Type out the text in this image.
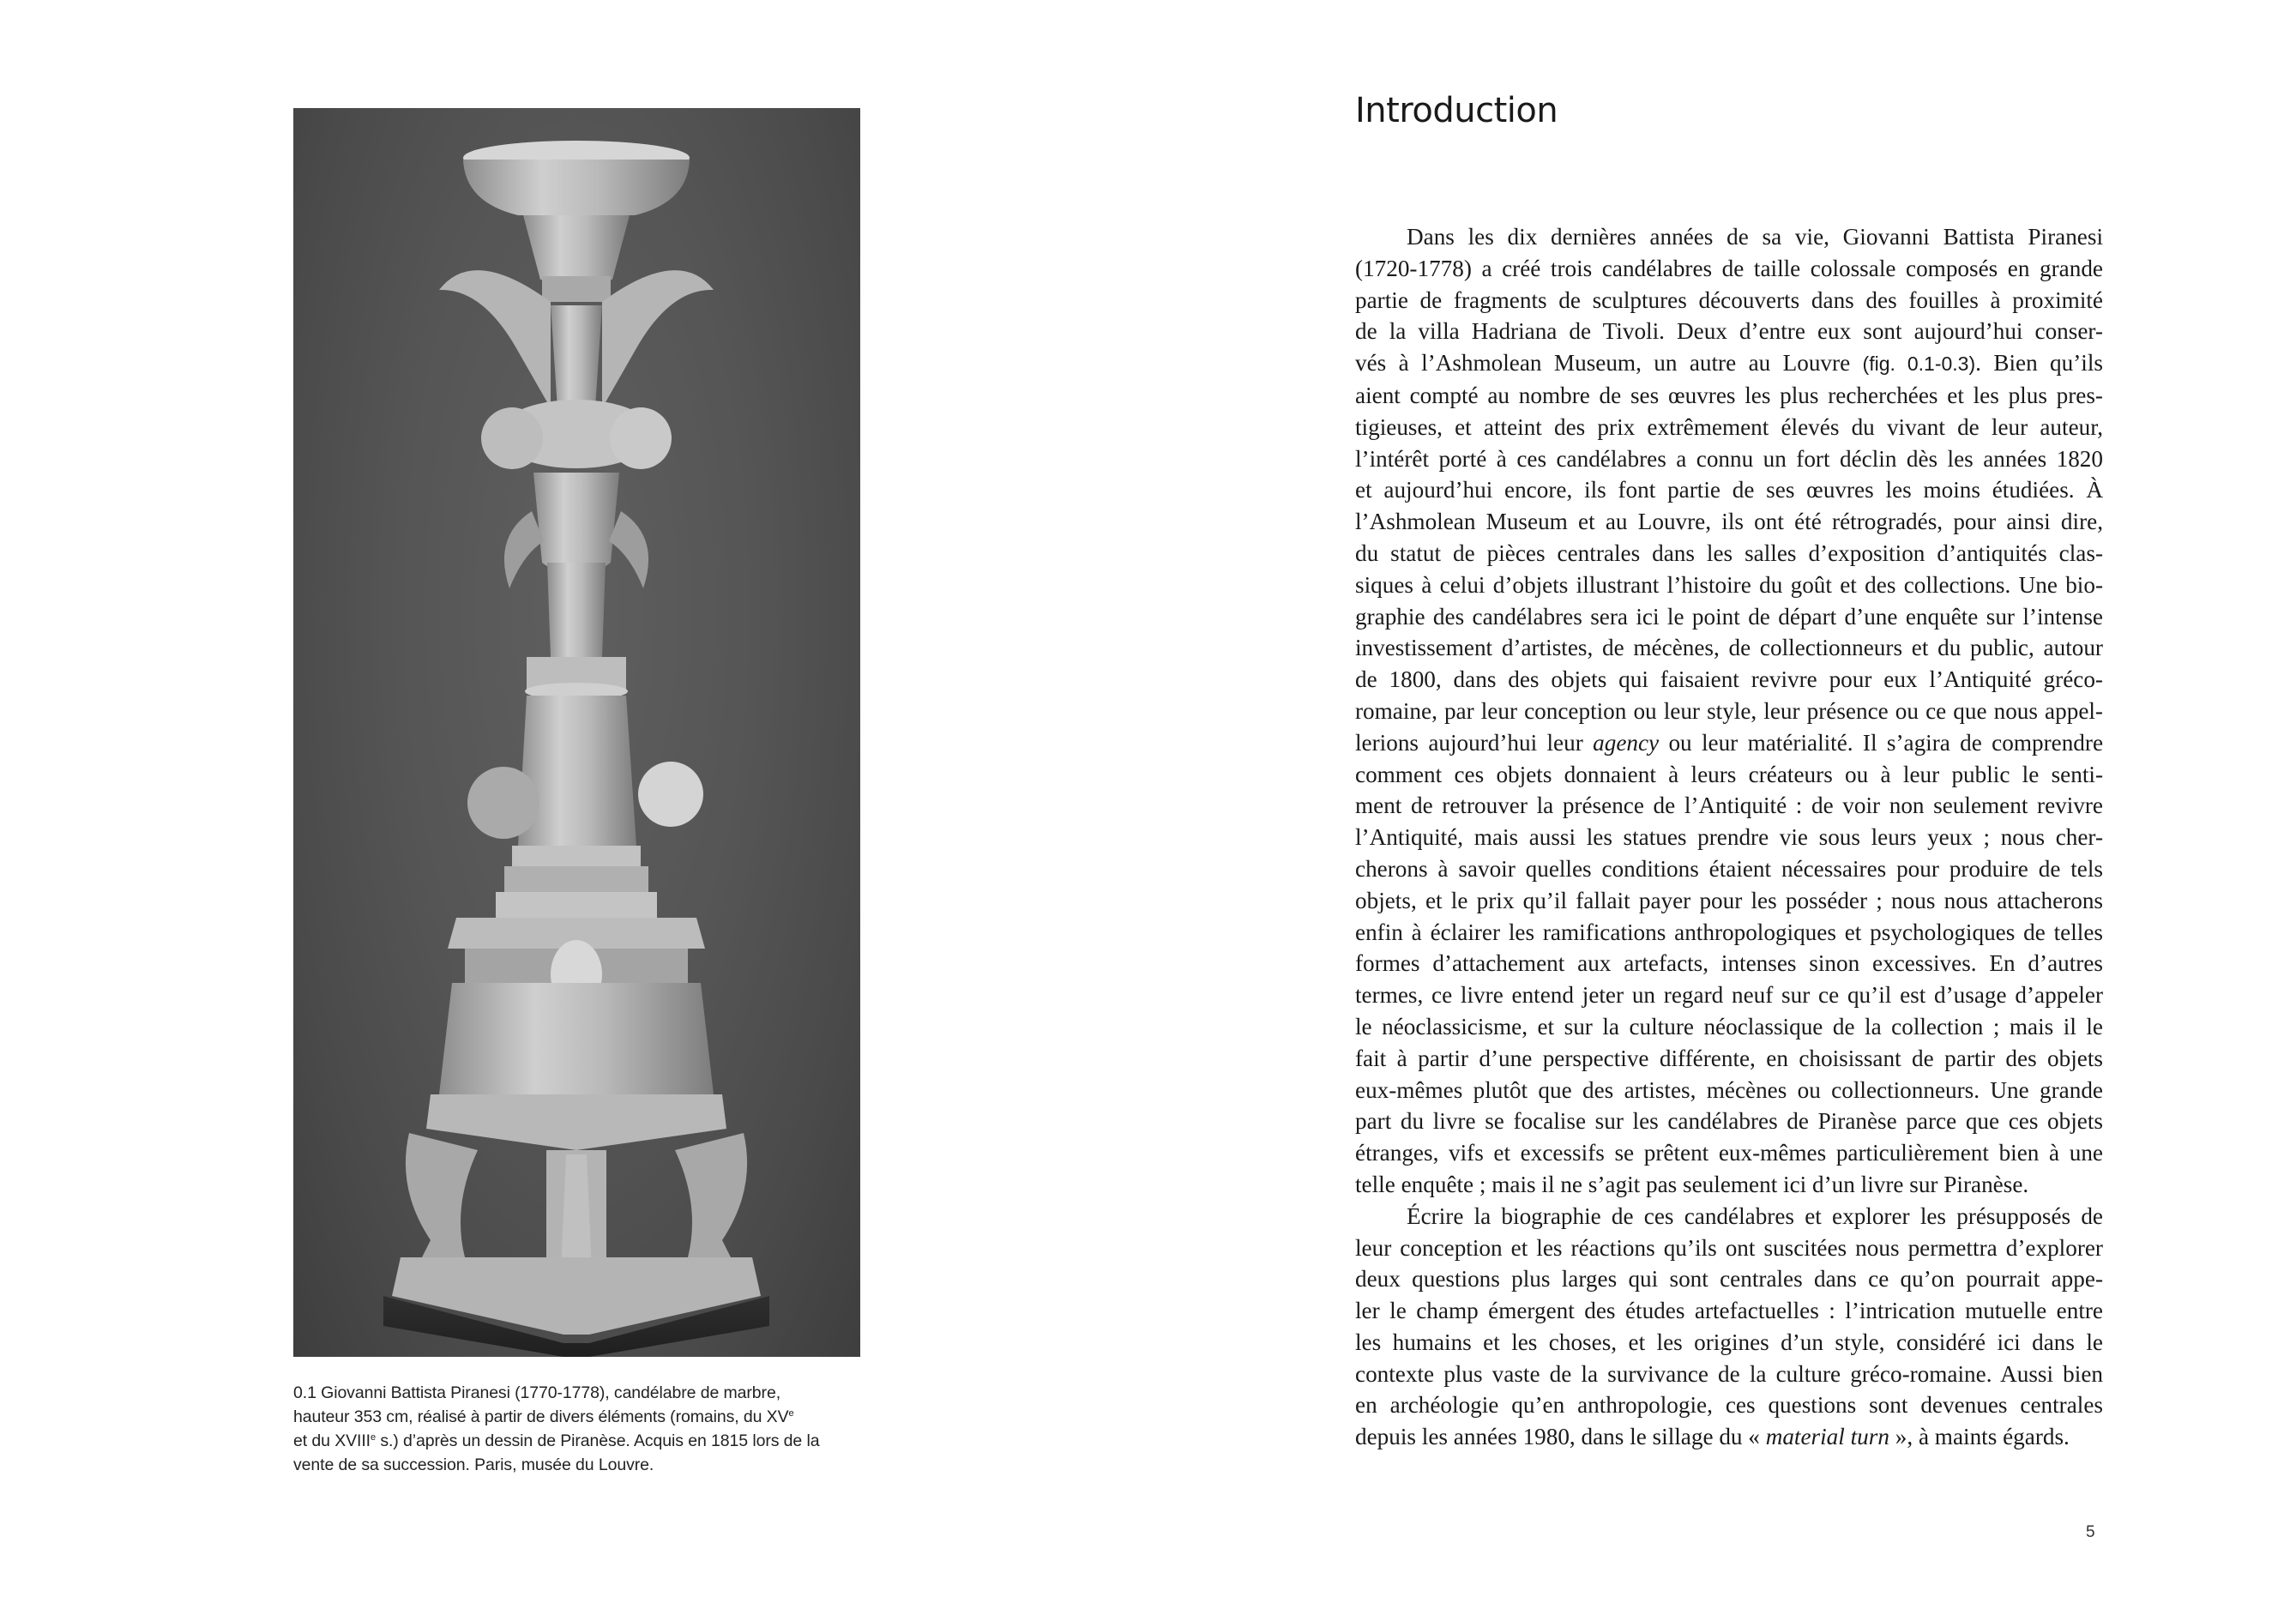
0.1 Giovanni Battista Piranesi (1770-1778), candélabre de marbre,
hauteur 353 cm, réalisé à partir de divers éléments (romains, du XVe
et du XVIIIe s.) d’après un dessin de Piranèse. Acquis en 1815 lors de la
vente de sa succession. Paris, musée du Louvre.
Introduction
Dans les dix dernières années de sa vie, Giovanni Battista Piranesi
(1720-1778) a créé trois candélabres de taille colossale composés en grande
partie de fragments de sculptures découverts dans des fouilles à proximité
de la villa Hadriana de Tivoli. Deux d’entre eux sont aujourd’hui conser-
vés à l’Ashmolean Museum, un autre au Louvre (fig. 0.1-0.3). Bien qu’ils
aient compté au nombre de ses œuvres les plus recherchées et les plus pres-
tigieuses, et atteint des prix extrêmement élevés du vivant de leur auteur,
l’intérêt porté à ces candélabres a connu un fort déclin dès les années 1820
et aujourd’hui encore, ils font partie de ses œuvres les moins étudiées. À
l’Ashmolean Museum et au Louvre, ils ont été rétrogradés, pour ainsi dire,
du statut de pièces centrales dans les salles d’exposition d’antiquités clas-
siques à celui d’objets illustrant l’histoire du goût et des collections. Une bio-
graphie des candélabres sera ici le point de départ d’une enquête sur l’intense
investissement d’artistes, de mécènes, de collectionneurs et du public, autour
de 1800, dans des objets qui faisaient revivre pour eux l’Antiquité gréco-
romaine, par leur conception ou leur style, leur présence ou ce que nous appel-
lerions aujourd’hui leur agency ou leur matérialité. Il s’agira de comprendre
comment ces objets donnaient à leurs créateurs ou à leur public le senti-
ment de retrouver la présence de l’Antiquité : de voir non seulement revivre
l’Antiquité, mais aussi les statues prendre vie sous leurs yeux ; nous cher-
cherons à savoir quelles conditions étaient nécessaires pour produire de tels
objets, et le prix qu’il fallait payer pour les posséder ; nous nous attacherons
enfin à éclairer les ramifications anthropologiques et psychologiques de telles
formes d’attachement aux artefacts, intenses sinon excessives. En d’autres
termes, ce livre entend jeter un regard neuf sur ce qu’il est d’usage d’appeler
le néoclassicisme, et sur la culture néoclassique de la collection ; mais il le
fait à partir d’une perspective différente, en choisissant de partir des objets
eux-mêmes plutôt que des artistes, mécènes ou collectionneurs. Une grande
part du livre se focalise sur les candélabres de Piranèse parce que ces objets
étranges, vifs et excessifs se prêtent eux-mêmes particulièrement bien à une
telle enquête ; mais il ne s’agit pas seulement ici d’un livre sur Piranèse.
Écrire la biographie de ces candélabres et explorer les présupposés de
leur conception et les réactions qu’ils ont suscitées nous permettra d’explorer
deux questions plus larges qui sont centrales dans ce qu’on pourrait appe-
ler le champ émergent des études artefactuelles : l’intrication mutuelle entre
les humains et les choses, et les origines d’un style, considéré ici dans le
contexte plus vaste de la survivance de la culture gréco-romaine. Aussi bien
en archéologie qu’en anthropologie, ces questions sont devenues centrales
depuis les années 1980, dans le sillage du « material turn », à maints égards.
5
